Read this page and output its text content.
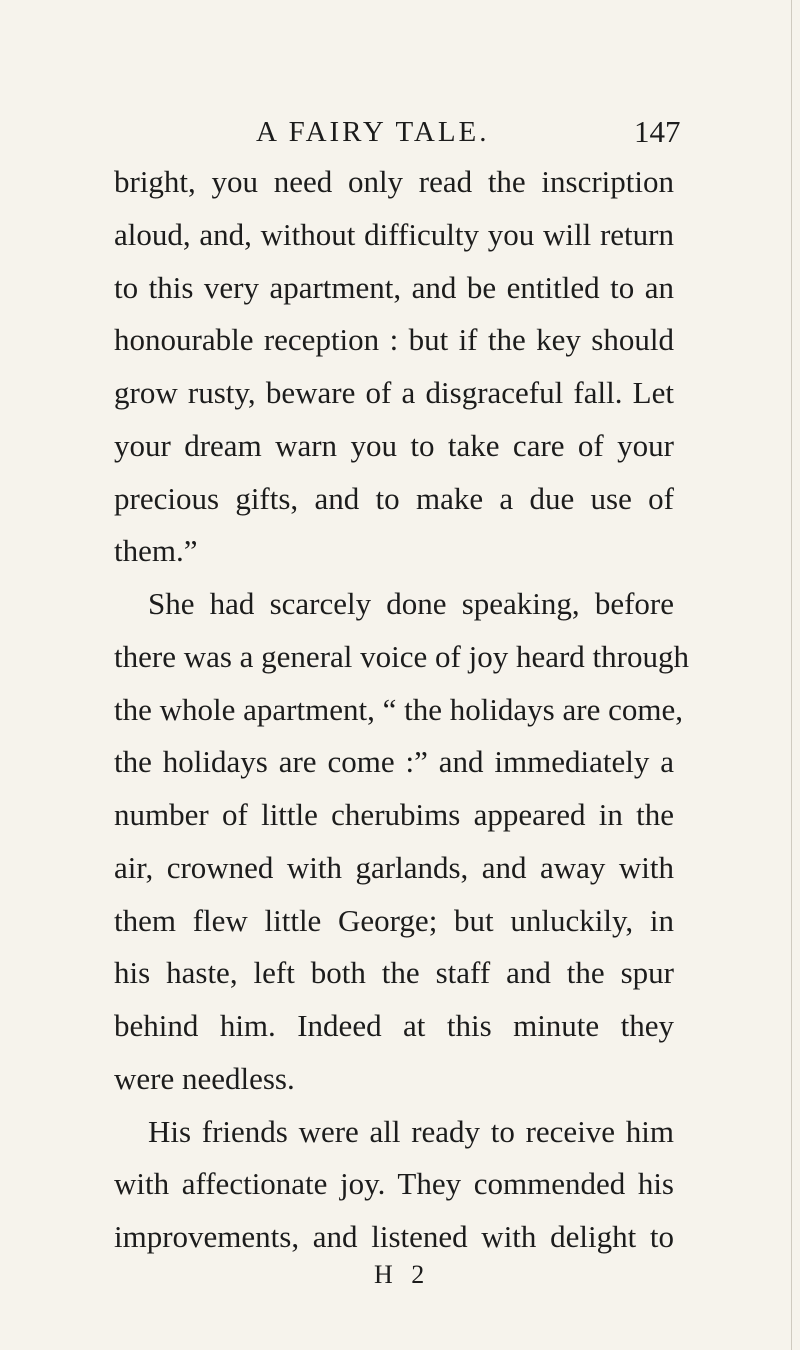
A FAIRY TALE.	147
bright, you need only read the inscription
aloud, and, without difficulty you will return
to this very apartment, and be entitled to an
honourable reception : but if the key should
grow rusty, beware of a disgraceful fall. Let
your dream warn you to take care of your
precious gifts, and to make a due use of
them.”
She had scarcely done speaking, before
there was a general voice of joy heard through
the whole apartment, “ the holidays are come,
the holidays are come :” and immediately a
number of little cherubims appeared in the
air, crowned with garlands, and away with
them flew little George; but unluckily, in
his haste, left both the staff and the spur
behind him. Indeed at this minute they
were needless.
His friends were all ready to receive him
with affectionate joy. They commended his
improvements, and listened with delight to
H 2
